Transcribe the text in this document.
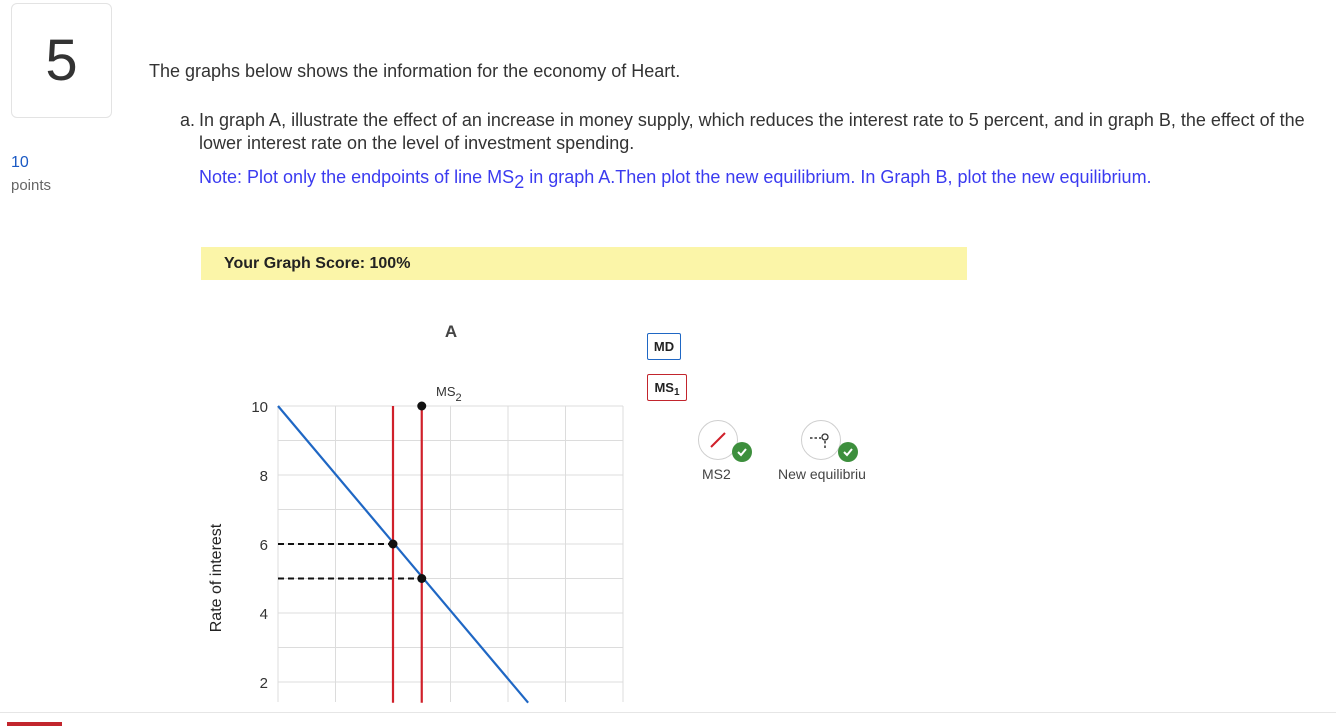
5
10
points
The graphs below shows the information for the economy of Heart.
a. In graph A, illustrate the effect of an increase in money supply, which reduces the interest rate to 5 percent, and in graph B, the effect of the lower interest rate on the level of investment spending.
Note: Plot only the endpoints of line $MS_2$ in graph A.Then plot the new equilibrium. In Graph B, plot the new equilibrium.
Your Graph Score: 100%
10
8
6
4
2
A
Rate of interest
$MS_2$
MD
$MS_1$
MS2	New equilibriu
